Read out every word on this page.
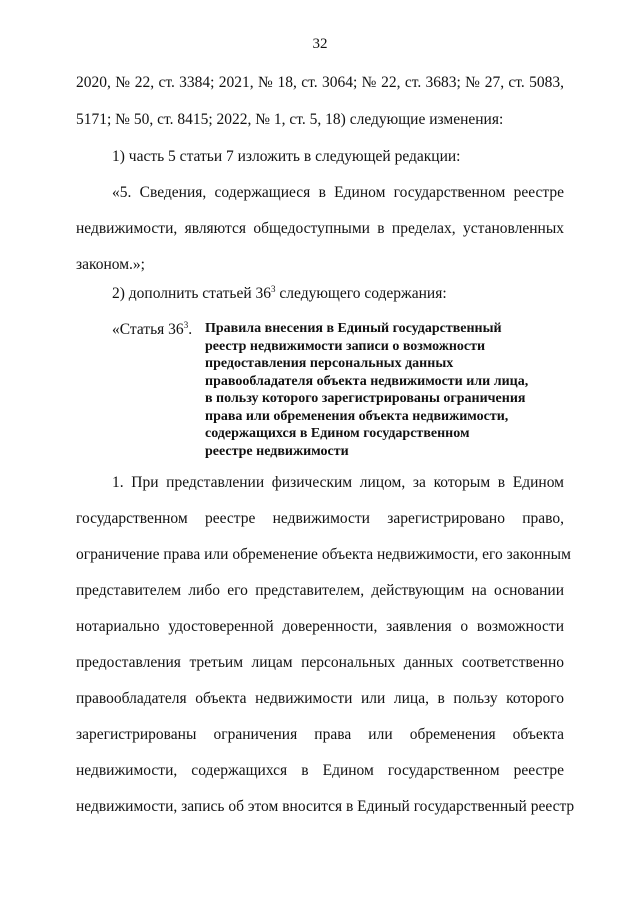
32
2020, № 22, ст. 3384; 2021, № 18, ст. 3064; № 22, ст. 3683; № 27, ст. 5083,
5171; № 50, ст. 8415; 2022, № 1, ст. 5, 18) следующие изменения:
1) часть 5 статьи 7 изложить в следующей редакции:
«5. Сведения, содержащиеся в Едином государственном реестре
недвижимости, являются общедоступными в пределах, установленных
законом.»;
2) дополнить статьей $36^3$ следующего содержания:
«Статья $36^3$. Правила внесения в Единый государственный
реестр недвижимости записи о возможности
предоставления персональных данных
правообладателя объекта недвижимости или лица,
в пользу которого зарегистрированы ограничения
права или обременения объекта недвижимости,
содержащихся в Едином государственном
реестре недвижимости
1. При представлении физическим лицом, за которым в Едином
государственном реестре недвижимости зарегистрировано право,
ограничение права или обременение объекта недвижимости, его законным
представителем либо его представителем, действующим на основании
нотариально удостоверенной доверенности, заявления о возможности
предоставления третьим лицам персональных данных соответственно
правообладателя объекта недвижимости или лица, в пользу которого
зарегистрированы ограничения права или обременения объекта
недвижимости, содержащихся в Едином государственном реестре
недвижимости, запись об этом вносится в Единый государственный реестр
